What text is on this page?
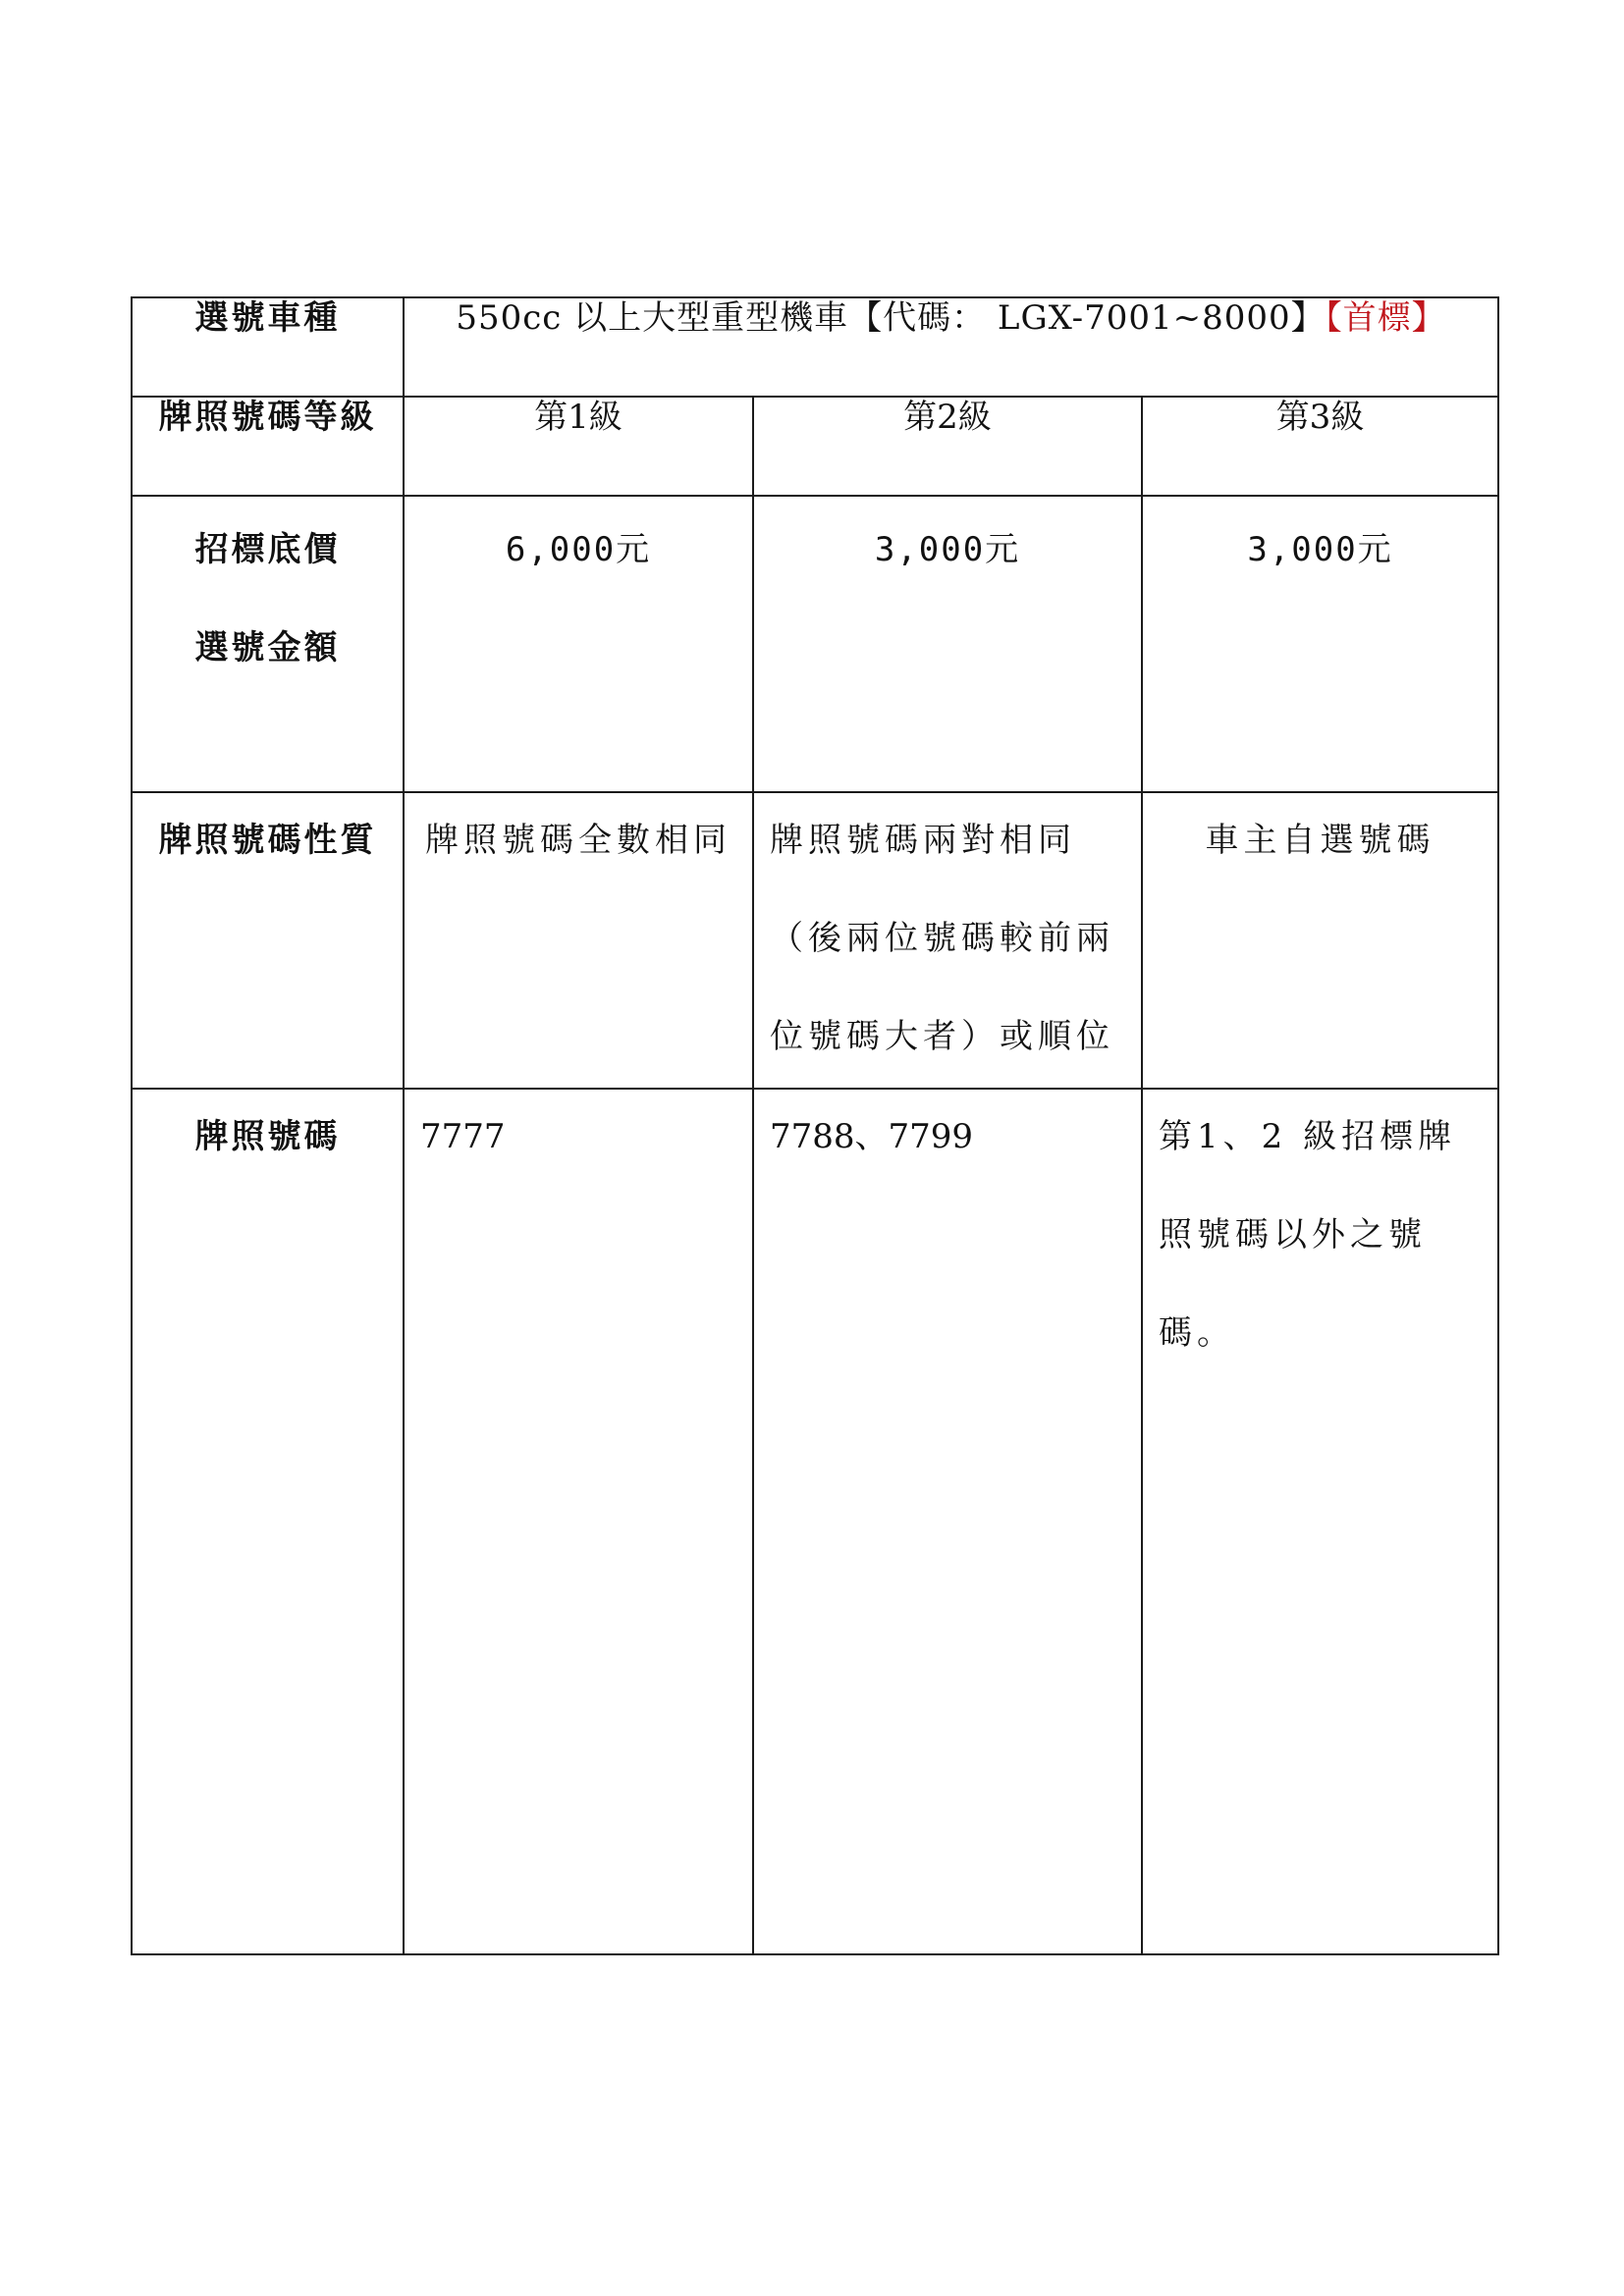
選號車種	550cc 以上大型重型機車【代碼： LGX-7001~8000】【首標】		
牌照號碼等級	第1級	第2級	第3級

招標底價
選號金額	6,000元	3,000元	3,000元

牌照號碼性質	牌照號碼全數相同	牌照號碼兩對相同
（後兩位號碼較前兩
位號碼大者）或順位	車主自選號碼

牌照號碼	7777	7788、7799	第1、2 級招標牌
照號碼以外之號
碼。
